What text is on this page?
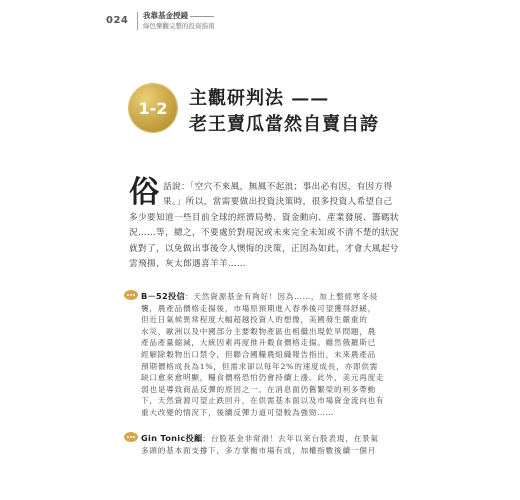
024 我靠基金授錢
綠色樂觀完整的投資指南
1-2	主觀研判法 ——
老王賣瓜當然自賣自誇
俗 話說：「空穴不來風，無風不起浪；事出必有因，有因方得
果。」所以，當需要做出投資決策時，很多投資人希望自己
多少要知道一些目前全球的經濟局勢、資金動向、產業發展、籌碼狀
況……等，總之，不要處於對現況或未來完全未知或不清不楚的狀況
就對了，以免做出事後令人懊悔的決策，正因為如此，才會大風起兮
雲飛揚，灰太郎遇喜羊羊……
B－52投信：天然資源基金有夠好！因為……，加上整經寒冬侵
襲，農產品價格走揚後，市場原預期進入春季後可望獲得舒緩，
但近日氣候異常程度大幅超越投資人的想像，美國發生嚴重的
水災，歐洲以及中國部分主要穀物產區也相繼出現乾旱問題，農
產品產量縮減，大統因素再度推升穀食價格走揚。雖然俄羅斯已
經解除穀物出口禁令，但聯合國糧農組織報告指出，未來農產品
預期價格成長為1%，但需求卻以每年2%的速度成長，亦即供需
缺口愈來愈明顯，糧食價格恐怕仍會持續上漲。此外，美元再度走
弱也是導致商品反彈的原因之一。在消息面仍舊繁榮的利多帶動
下，天然資源可望止跌回升，在供需基本面以及市場資金流向也有
重大改變的情況下，後續反彈力道可望較為強勁……
Gin Tonic投顧：台股基金非常滑！去年以來台股表現，在景氣
多頭的基本面支撐下，多方掌衡市場有成，加權指數後續一個月
